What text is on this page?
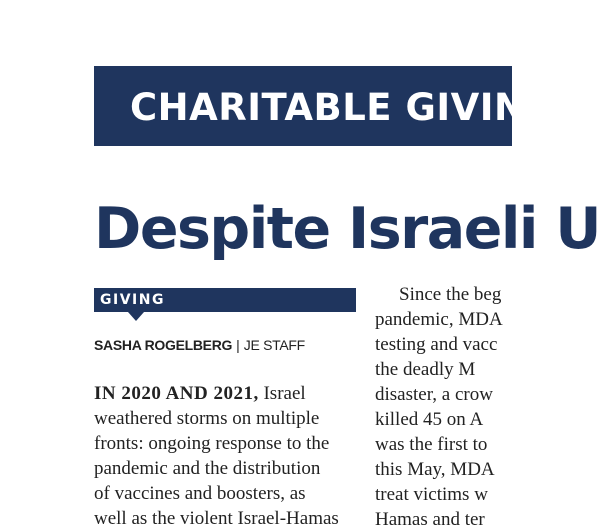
CHARITABLE GIVIN
Despite Israeli U
GIVING
SASHA ROGELBERG | JE STAFF
IN 2020 AND 2021, Israel
weathered storms on multiple
fronts: ongoing response to the
pandemic and the distribution
of vaccines and boosters, as
well as the violent Israel-Hamas
Since the beg
pandemic, MDA
testing and vacc
the deadly M
disaster, a crow
killed 45 on A
was the first to
this May, MDA
treat victims w
Hamas and ter
